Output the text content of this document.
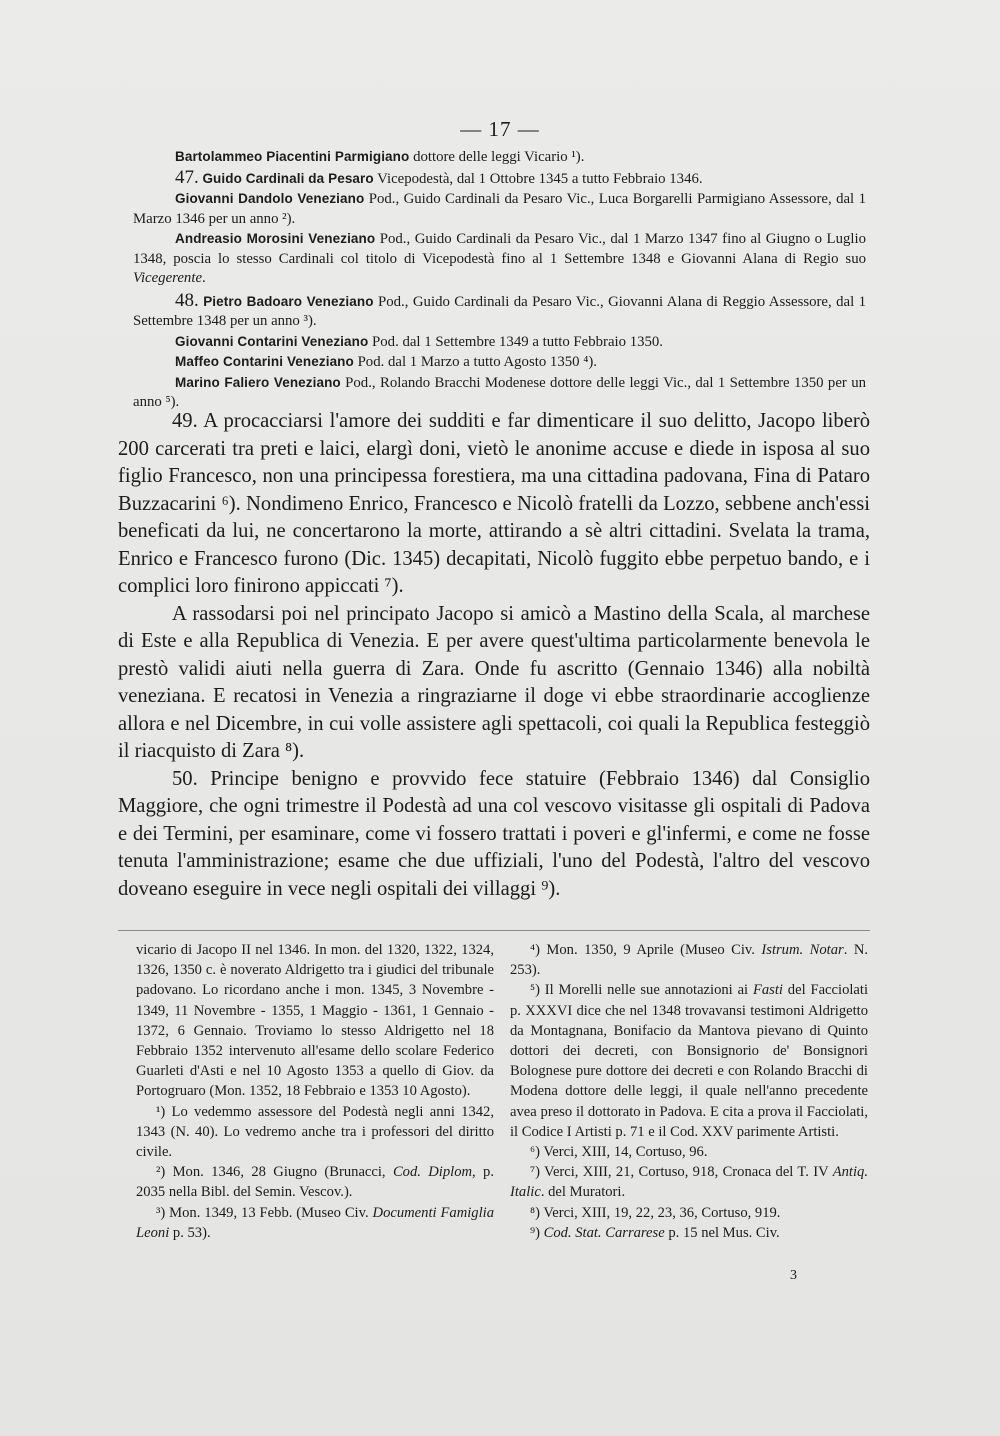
— 17 —

Bartolammeo Piacentini Parmigiano dottore delle leggi Vicario ¹).

47. Guido Cardinali da Pesaro Vicepodestà, dal 1 Ottobre 1345 a tutto Febbraio 1346.

Giovanni Dandolo Veneziano Pod., Guido Cardinali da Pesaro Vic., Luca Borgarelli Parmigiano Assessore, dal 1 Marzo 1346 per un anno ²).

Andreasio Morosini Veneziano Pod., Guido Cardinali da Pesaro Vic., dal 1 Marzo 1347 fino al Giugno o Luglio 1348, poscia lo stesso Cardinali col titolo di Vicepodestà fino al 1 Settembre 1348 e Giovanni Alana di Regio suo Vicegerente.

48. Pietro Badoaro Veneziano Pod., Guido Cardinali da Pesaro Vic., Giovanni Alana di Reggio Assessore, dal 1 Settembre 1348 per un anno ³).

Giovanni Contarini Veneziano Pod. dal 1 Settembre 1349 a tutto Febbraio 1350.

Maffeo Contarini Veneziano Pod. dal 1 Marzo a tutto Agosto 1350 ⁴).

Marino Faliero Veneziano Pod., Rolando Bracchi Modenese dottore delle leggi Vic., dal 1 Settembre 1350 per un anno ⁵).

49. A procacciarsi l'amore dei sudditi e far dimenticare il suo delitto, Jacopo liberò 200 carcerati tra preti e laici, elargì doni, vietò le anonime accuse e diede in isposa al suo figlio Francesco, non una principessa forestiera, ma una cittadina padovana, Fina di Pataro Buzzacarini ⁶). Nondimeno Enrico, Francesco e Nicolò fratelli da Lozzo, sebbene anch'essi beneficati da lui, ne concertarono la morte, attirando a sè altri cittadini. Svelata la trama, Enrico e Francesco furono (Dic. 1345) decapitati, Nicolò fuggito ebbe perpetuo bando, e i complici loro finirono appiccati ⁷).

A rassodarsi poi nel principato Jacopo si amicò a Mastino della Scala, al marchese di Este e alla Republica di Venezia. E per avere quest'ultima particolarmente benevola le prestò validi aiuti nella guerra di Zara. Onde fu ascritto (Gennaio 1346) alla nobiltà veneziana. E recatosi in Venezia a ringraziarne il doge vi ebbe straordinarie accoglienze allora e nel Dicembre, in cui volle assistere agli spettacoli, coi quali la Republica festeggiò il riacquisto di Zara ⁸).

50. Principe benigno e provvido fece statuire (Febbraio 1346) dal Consiglio Maggiore, che ogni trimestre il Podestà ad una col vescovo visitasse gli ospitali di Padova e dei Termini, per esaminare, come vi fossero trattati i poveri e gl'infermi, e come ne fosse tenuta l'amministrazione; esame che due uffiziali, l'uno del Podestà, l'altro del vescovo doveano eseguire in vece negli ospitali dei villaggi ⁹).

vicario di Jacopo II nel 1346. In mon. del 1320, 1322, 1324, 1326, 1350 c. è noverato Aldrigetto tra i giudici del tribunale padovano. Lo ricordano anche i mon. 1345, 3 Novembre - 1349, 11 Novembre - 1355, 1 Maggio - 1361, 1 Gennaio - 1372, 6 Gennaio. Troviamo lo stesso Aldrigetto nel 18 Febbraio 1352 intervenuto all'esame dello scolare Federico Guarleti d'Asti e nel 10 Agosto 1353 a quello di Giov. da Portogruaro (Mon. 1352, 18 Febbraio e 1353 10 Agosto).

¹) Lo vedemmo assessore del Podestà negli anni 1342, 1343 (N. 40). Lo vedremo anche tra i professori del diritto civile.

²) Mon. 1346, 28 Giugno (Brunacci, Cod. Diplom, p. 2035 nella Bibl. del Semin. Vescov.).

³) Mon. 1349, 13 Febb. (Museo Civ. Documenti Famiglia Leoni p. 53).

⁴) Mon. 1350, 9 Aprile (Museo Civ. Istrum. Notar. N. 253).

⁵) Il Morelli nelle sue annotazioni ai Fasti del Facciolati p. XXXVI dice che nel 1348 trovavansi testimoni Aldrigetto da Montagnana, Bonifacio da Mantova pievano di Quinto dottori dei decreti, con Bonsignorio de' Bonsignori Bolognese pure dottore dei decreti e con Rolando Bracchi di Modena dottore delle leggi, il quale nell'anno precedente avea preso il dottorato in Padova. E cita a prova il Facciolati, il Codice I Artisti p. 71 e il Cod. XXV parimente Artisti.

⁶) Verci, XIII, 14, Cortuso, 96.

⁷) Verci, XIII, 21, Cortuso, 918, Cronaca del T. IV Antiq. Italic. del Muratori.

⁸) Verci, XIII, 19, 22, 23, 36, Cortuso, 919.

⁹) Cod. Stat. Carrarese p. 15 nel Mus. Civ.

3
